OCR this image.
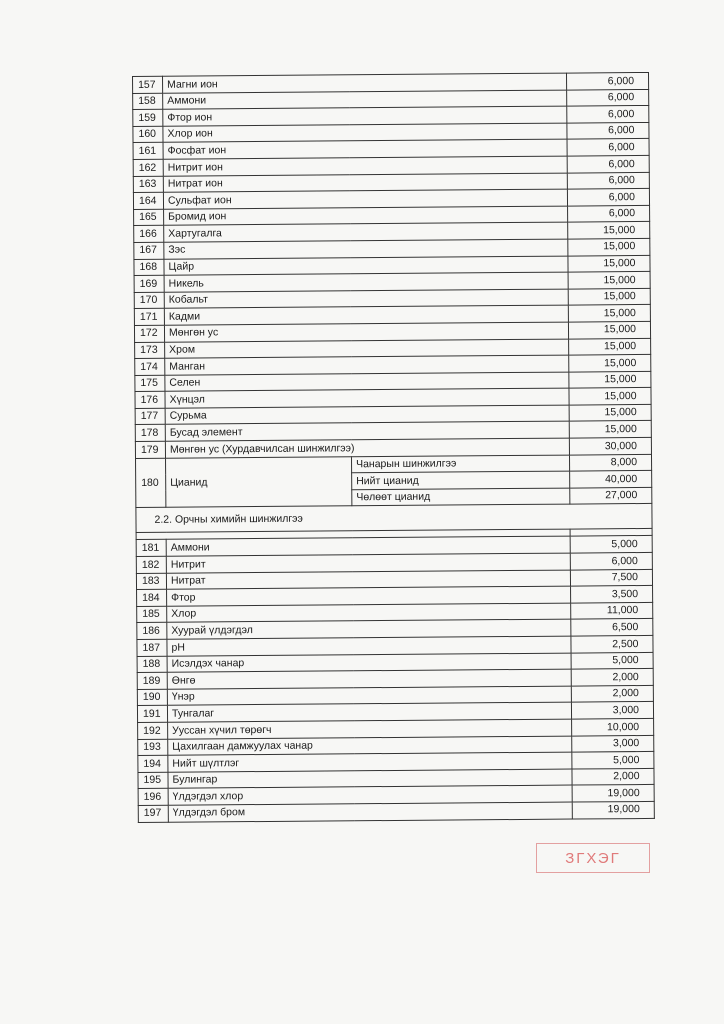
157	Магни ион		6,000
158	Аммони		6,000
159	Фтор ион		6,000
160	Хлор ион		6,000
161	Фосфат ион		6,000
162	Нитрит ион		6,000
163	Нитрат ион		6,000
164	Сульфат ион		6,000
165	Бромид ион		6,000
166	Хартугалга		15,000
167	Зэс		15,000
168	Цайр		15,000
169	Никель		15,000
170	Кобальт		15,000
171	Кадми		15,000
172	Мөнгөн ус		15,000
173	Хром		15,000
174	Манган		15,000
175	Селен		15,000
176	Хүнцэл		15,000
177	Сурьма		15,000
178	Бусад элемент		15,000
179	Мөнгөн ус (Хурдавчилсан шинжилгээ)		30,000
180	Цианид	Чанарын шинжилгээ	8,000
		Нийт цианид	40,000
		Чөлөөт цианид	27,000
2.2. Орчны химийн шинжилгээ			

181	Аммони		5,000
182	Нитрит		6,000
183	Нитрат		7,500
184	Фтор		3,500
185	Хлор		11,000
186	Хуурай үлдэгдэл		6,500
187	pH		2,500
188	Исэлдэх чанар		5,000
189	Өнгө		2,000
190	Үнэр		2,000
191	Тунгалаг		3,000
192	Ууссан хүчил төрөгч		10,000
193	Цахилгаан дамжуулах чанар		3,000
194	Нийт шүлтлэг		5,000
195	Булингар		2,000
196	Үлдэгдэл хлор		19,000
197	Үлдэгдэл бром		19,000
ЗГХЭГ
